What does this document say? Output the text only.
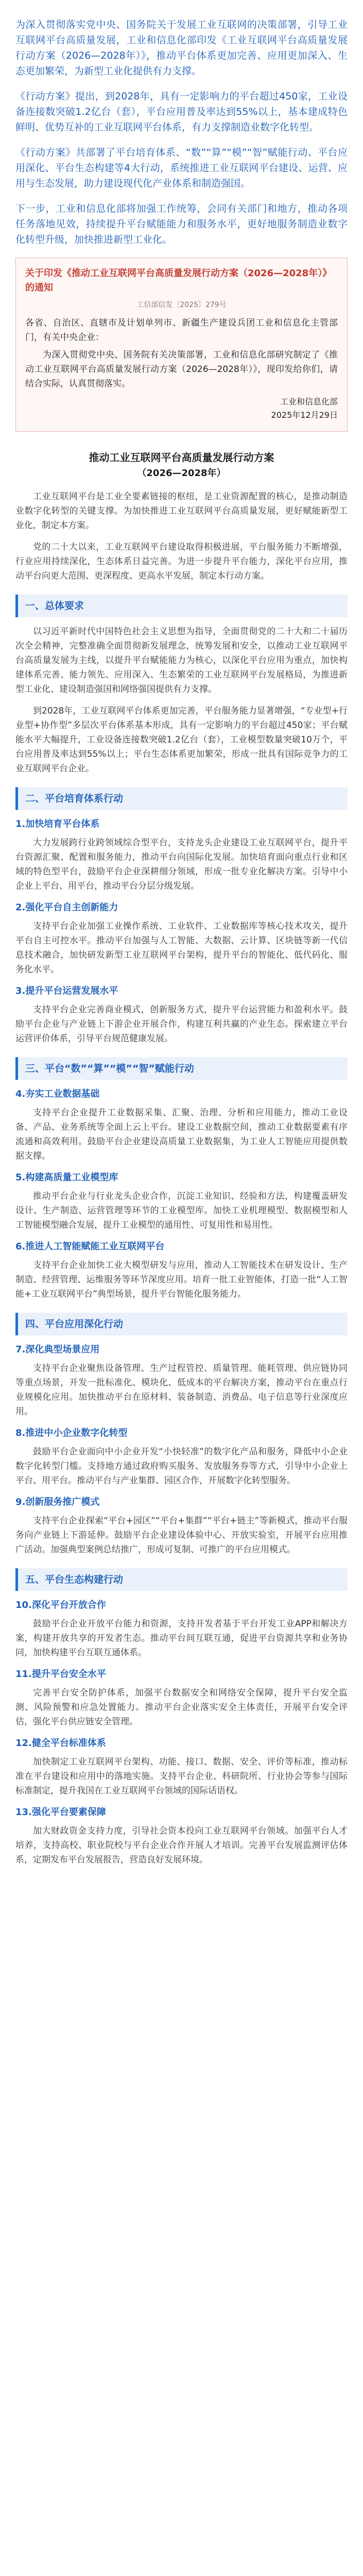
为深入贯彻落实党中央、国务院关于发展工业互联网的决策部署，引导工业互联网平台高质量发展，工业和信息化部印发《工业互联网平台高质量发展行动方案（2026—2028年）》，推动平台体系更加完善、应用更加深入、生态更加繁荣，为新型工业化提供有力支撑。

《行动方案》提出，到2028年，具有一定影响力的平台超过450家，工业设备连接数突破1.2亿台（套），平台应用普及率达到55%以上，基本建成特色鲜明、优势互补的工业互联网平台体系，有力支撑制造业数字化转型。

《行动方案》共部署了平台培育体系、“数”“算”“模”“智”赋能行动、平台应用深化、平台生态构建等4大行动，系统推进工业互联网平台建设、运营、应用与生态发展，助力建设现代化产业体系和制造强国。

下一步，工业和信息化部将加强工作统筹，会同有关部门和地方，推动各项任务落地见效，持续提升平台赋能能力和服务水平，更好地服务制造业数字化转型升级，加快推进新型工业化。

关于印发《推动工业互联网平台高质量发展行动方案（2026—2028年）》的通知

工信部信发〔2025〕279号

各省、自治区、直辖市及计划单列市、新疆生产建设兵团工业和信息化主管部门，有关中央企业：

为深入贯彻党中央、国务院有关决策部署，工业和信息化部研究制定了《推动工业互联网平台高质量发展行动方案（2026—2028年）》，现印发给你们，请结合实际，认真贯彻落实。

工业和信息化部

2025年12月29日

推动工业互联网平台高质量发展行动方案
（2026—2028年）

工业互联网平台是工业全要素链接的枢纽，是工业资源配置的核心，是推动制造业数字化转型的关键支撑。为加快推进工业互联网平台高质量发展，更好赋能新型工业化，制定本方案。

党的二十大以来，工业互联网平台建设取得积极进展，平台服务能力不断增强，行业应用持续深化，生态体系日益完善。为进一步提升平台能力，深化平台应用，推动平台向更大范围、更深程度、更高水平发展，制定本行动方案。

一、总体要求

以习近平新时代中国特色社会主义思想为指导，全面贯彻党的二十大和二十届历次全会精神，完整准确全面贯彻新发展理念，统筹发展和安全，以推动工业互联网平台高质量发展为主线，以提升平台赋能能力为核心，以深化平台应用为重点，加快构建体系完善、能力领先、应用深入、生态繁荣的工业互联网平台发展格局，为推进新型工业化、建设制造强国和网络强国提供有力支撑。

到2028年，工业互联网平台体系更加完善，平台服务能力显著增强，“专业型+行业型+协作型”多层次平台体系基本形成，具有一定影响力的平台超过450家；平台赋能水平大幅提升，工业设备连接数突破1.2亿台（套），工业模型数量突破10万个，平台应用普及率达到55%以上；平台生态体系更加繁荣，形成一批具有国际竞争力的工业互联网平台企业。

二、平台培育体系行动

1.加快培育平台体系

大力发展跨行业跨领域综合型平台，支持龙头企业建设工业互联网平台，提升平台资源汇聚、配置和服务能力，推动平台向国际化发展。加快培育面向重点行业和区域的特色型平台，鼓励平台企业深耕细分领域，形成一批专业化解决方案。引导中小企业上平台、用平台，推动平台分层分级发展。

2.强化平台自主创新能力

支持平台企业加强工业操作系统、工业软件、工业数据库等核心技术攻关，提升平台自主可控水平。推动平台加强与人工智能、大数据、云计算、区块链等新一代信息技术融合，加快研发新型工业互联网平台架构，提升平台的智能化、低代码化、服务化水平。

3.提升平台运营发展水平

支持平台企业完善商业模式，创新服务方式，提升平台运营能力和盈利水平。鼓励平台企业与产业链上下游企业开展合作，构建互利共赢的产业生态。探索建立平台运营评价体系，引导平台规范健康发展。

三、平台“数”“算”“模”“智”赋能行动

4.夯实工业数据基础

支持平台企业提升工业数据采集、汇聚、治理、分析和应用能力，推动工业设备、产品、业务系统等全面上云上平台。建设工业数据空间，推动工业数据要素有序流通和高效利用。鼓励平台企业建设高质量工业数据集，为工业人工智能应用提供数据支撑。

5.构建高质量工业模型库

推动平台企业与行业龙头企业合作，沉淀工业知识、经验和方法，构建覆盖研发设计、生产制造、运营管理等环节的工业模型库。加快工业机理模型、数据模型和人工智能模型融合发展，提升工业模型的通用性、可复用性和易用性。

6.推进人工智能赋能工业互联网平台

支持平台企业加快工业大模型研发与应用，推动人工智能技术在研发设计、生产制造、经营管理、运维服务等环节深度应用。培育一批工业智能体，打造一批“人工智能+工业互联网平台”典型场景，提升平台智能化服务能力。

四、平台应用深化行动

7.深化典型场景应用

支持平台企业聚焦设备管理、生产过程管控、质量管理、能耗管理、供应链协同等重点场景，开发一批标准化、模块化、低成本的平台解决方案，推动平台在重点行业规模化应用。加快推动平台在原材料、装备制造、消费品、电子信息等行业深度应用。

8.推进中小企业数字化转型

鼓励平台企业面向中小企业开发“小快轻准”的数字化产品和服务，降低中小企业数字化转型门槛。支持地方通过政府购买服务、发放服务券等方式，引导中小企业上平台、用平台。推动平台与产业集群、园区合作，开展数字化转型服务。

9.创新服务推广模式

支持平台企业探索“平台+园区”“平台+集群”“平台+链主”等新模式，推动平台服务向产业链上下游延伸。鼓励平台企业建设体验中心、开放实验室，开展平台应用推广活动。加强典型案例总结推广，形成可复制、可推广的平台应用模式。

五、平台生态构建行动

10.深化平台开放合作

鼓励平台企业开放平台能力和资源，支持开发者基于平台开发工业APP和解决方案，构建开放共享的开发者生态。推动平台间互联互通，促进平台资源共享和业务协同，加快构建平台互联互通体系。

11.提升平台安全水平

完善平台安全防护体系，加强平台数据安全和网络安全保障，提升平台安全监测、风险预警和应急处置能力。推动平台企业落实安全主体责任，开展平台安全评估，强化平台供应链安全管理。

12.健全平台标准体系

加快制定工业互联网平台架构、功能、接口、数据、安全、评价等标准，推动标准在平台建设和应用中的落地实施。支持平台企业、科研院所、行业协会等参与国际标准制定，提升我国在工业互联网平台领域的国际话语权。

13.强化平台要素保障

加大财政资金支持力度，引导社会资本投向工业互联网平台领域。加强平台人才培养，支持高校、职业院校与平台企业合作开展人才培训。完善平台发展监测评估体系，定期发布平台发展报告，营造良好发展环境。
